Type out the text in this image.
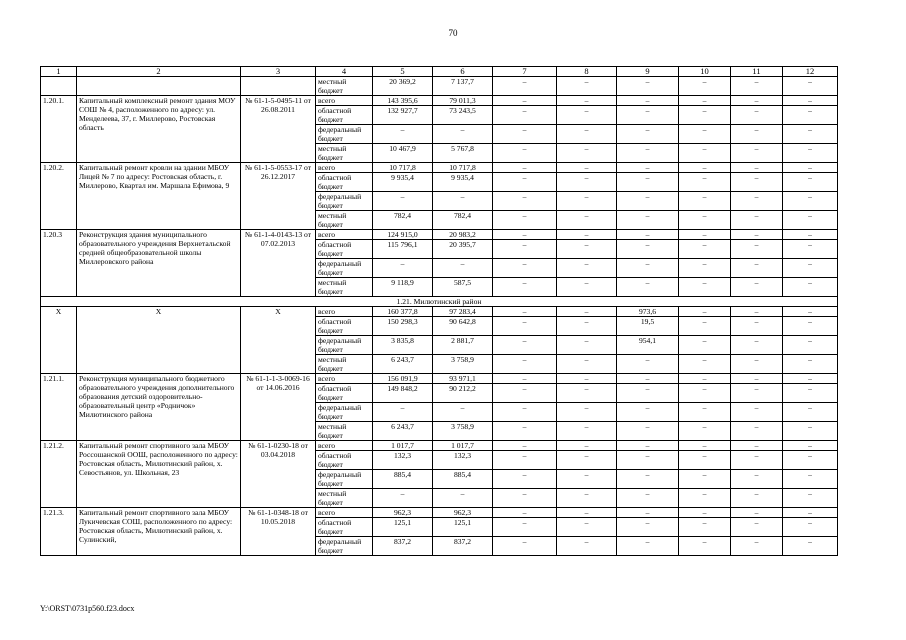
70
1	2	3	4	5	6	7	8	9	10	11	12
			местный бюджет	20 369,2	7 137,7	–	–	–	–	–	–
1.20.1.	Капитальный комплексный ремонт здания МОУ СОШ № 4, расположенного по адресу: ул. Менделеева, 37, г. Миллерово, Ростовская область	№ 61-1-5-0495-11 от 26.08.2011	всего	143 395,6	79 011,3	–	–	–	–	–	–
			областной бюджет	132 927,7	73 243,5	–	–	–	–	–	–
			федеральный бюджет	–	–	–	–	–	–	–	–
			местный бюджет	10 467,9	5 767,8	–	–	–	–	–	–
1.20.2.	Капитальный ремонт кровли на здании МБОУ Лицей № 7 по адресу: Ростовская область, г. Миллерово, Квартал им. Маршала Ефимова, 9	№ 61-1-5-0553-17 от 26.12.2017	всего	10 717,8	10 717,8	–	–	–	–	–	–
			областной бюджет	9 935,4	9 935,4	–	–	–	–	–	–
			федеральный бюджет	–	–	–	–	–	–	–	–
			местный бюджет	782,4	782,4	–	–	–	–	–	–
1.20.3	Реконструкция здания муниципального образовательного учреждения Верхнетальской средней общеобразовательной школы Миллеровского района	№ 61-1-4-0143-13 от 07.02.2013	всего	124 915,0	20 983,2	–	–	–	–	–	–
			областной бюджет	115 796,1	20 395,7	–	–	–	–	–	–
			федеральный бюджет	–	–	–	–	–	–	–	–
			местный бюджет	9 118,9	587,5	–	–	–	–	–	–
1.21. Милютинский район											
Х	Х	Х	всего	160 377,8	97 283,4	–	–	973,6	–	–	–
			областной бюджет	150 298,3	90 642,8	–	–	19,5	–	–	–
			федеральный бюджет	3 835,8	2 881,7	–	–	954,1	–	–	–
			местный бюджет	6 243,7	3 758,9	–	–	–	–	–	–
1.21.1.	Реконструкция муниципального бюджетного образовательного учреждения дополнительного образования детский оздоровительно-образовательный центр «Родничок» Милютинского района	№ 61-1-1-3-0069-16 от 14.06.2016	всего	156 091,9	93 971,1	–	–	–	–	–	–
			областной бюджет	149 848,2	90 212,2	–	–	–	–	–	–
			федеральный бюджет	–	–	–	–	–	–	–	–
			местный бюджет	6 243,7	3 758,9	–	–	–	–	–	–
1.21.2.	Капитальный ремонт спортивного зала МБОУ Россошанской ООШ, расположенного по адресу: Ростовская область, Милютинский район, х. Севостьянов, ул. Школьная, 23	№ 61-1-0230-18 от 03.04.2018	всего	1 017,7	1 017,7	–	–	–	–	–	–
			областной бюджет	132,3	132,3	–	–	–	–	–	–
			федеральный бюджет	885,4	885,4	–	–	–	–	–	–
			местный бюджет	–	–	–	–	–	–	–	–
1.21.3.	Капитальный ремонт спортивного зала МБОУ Лукичевская СОШ, расположенного по адресу: Ростовская область, Милютинский район, х. Сулинский,	№ 61-1-0348-18 от 10.05.2018	всего	962,3	962,3	–	–	–	–	–	–
			областной бюджет	125,1	125,1	–	–	–	–	–	–
			федеральный бюджет	837,2	837,2	–	–	–	–	–	–
Y:\ORST\0731p560.f23.docx
